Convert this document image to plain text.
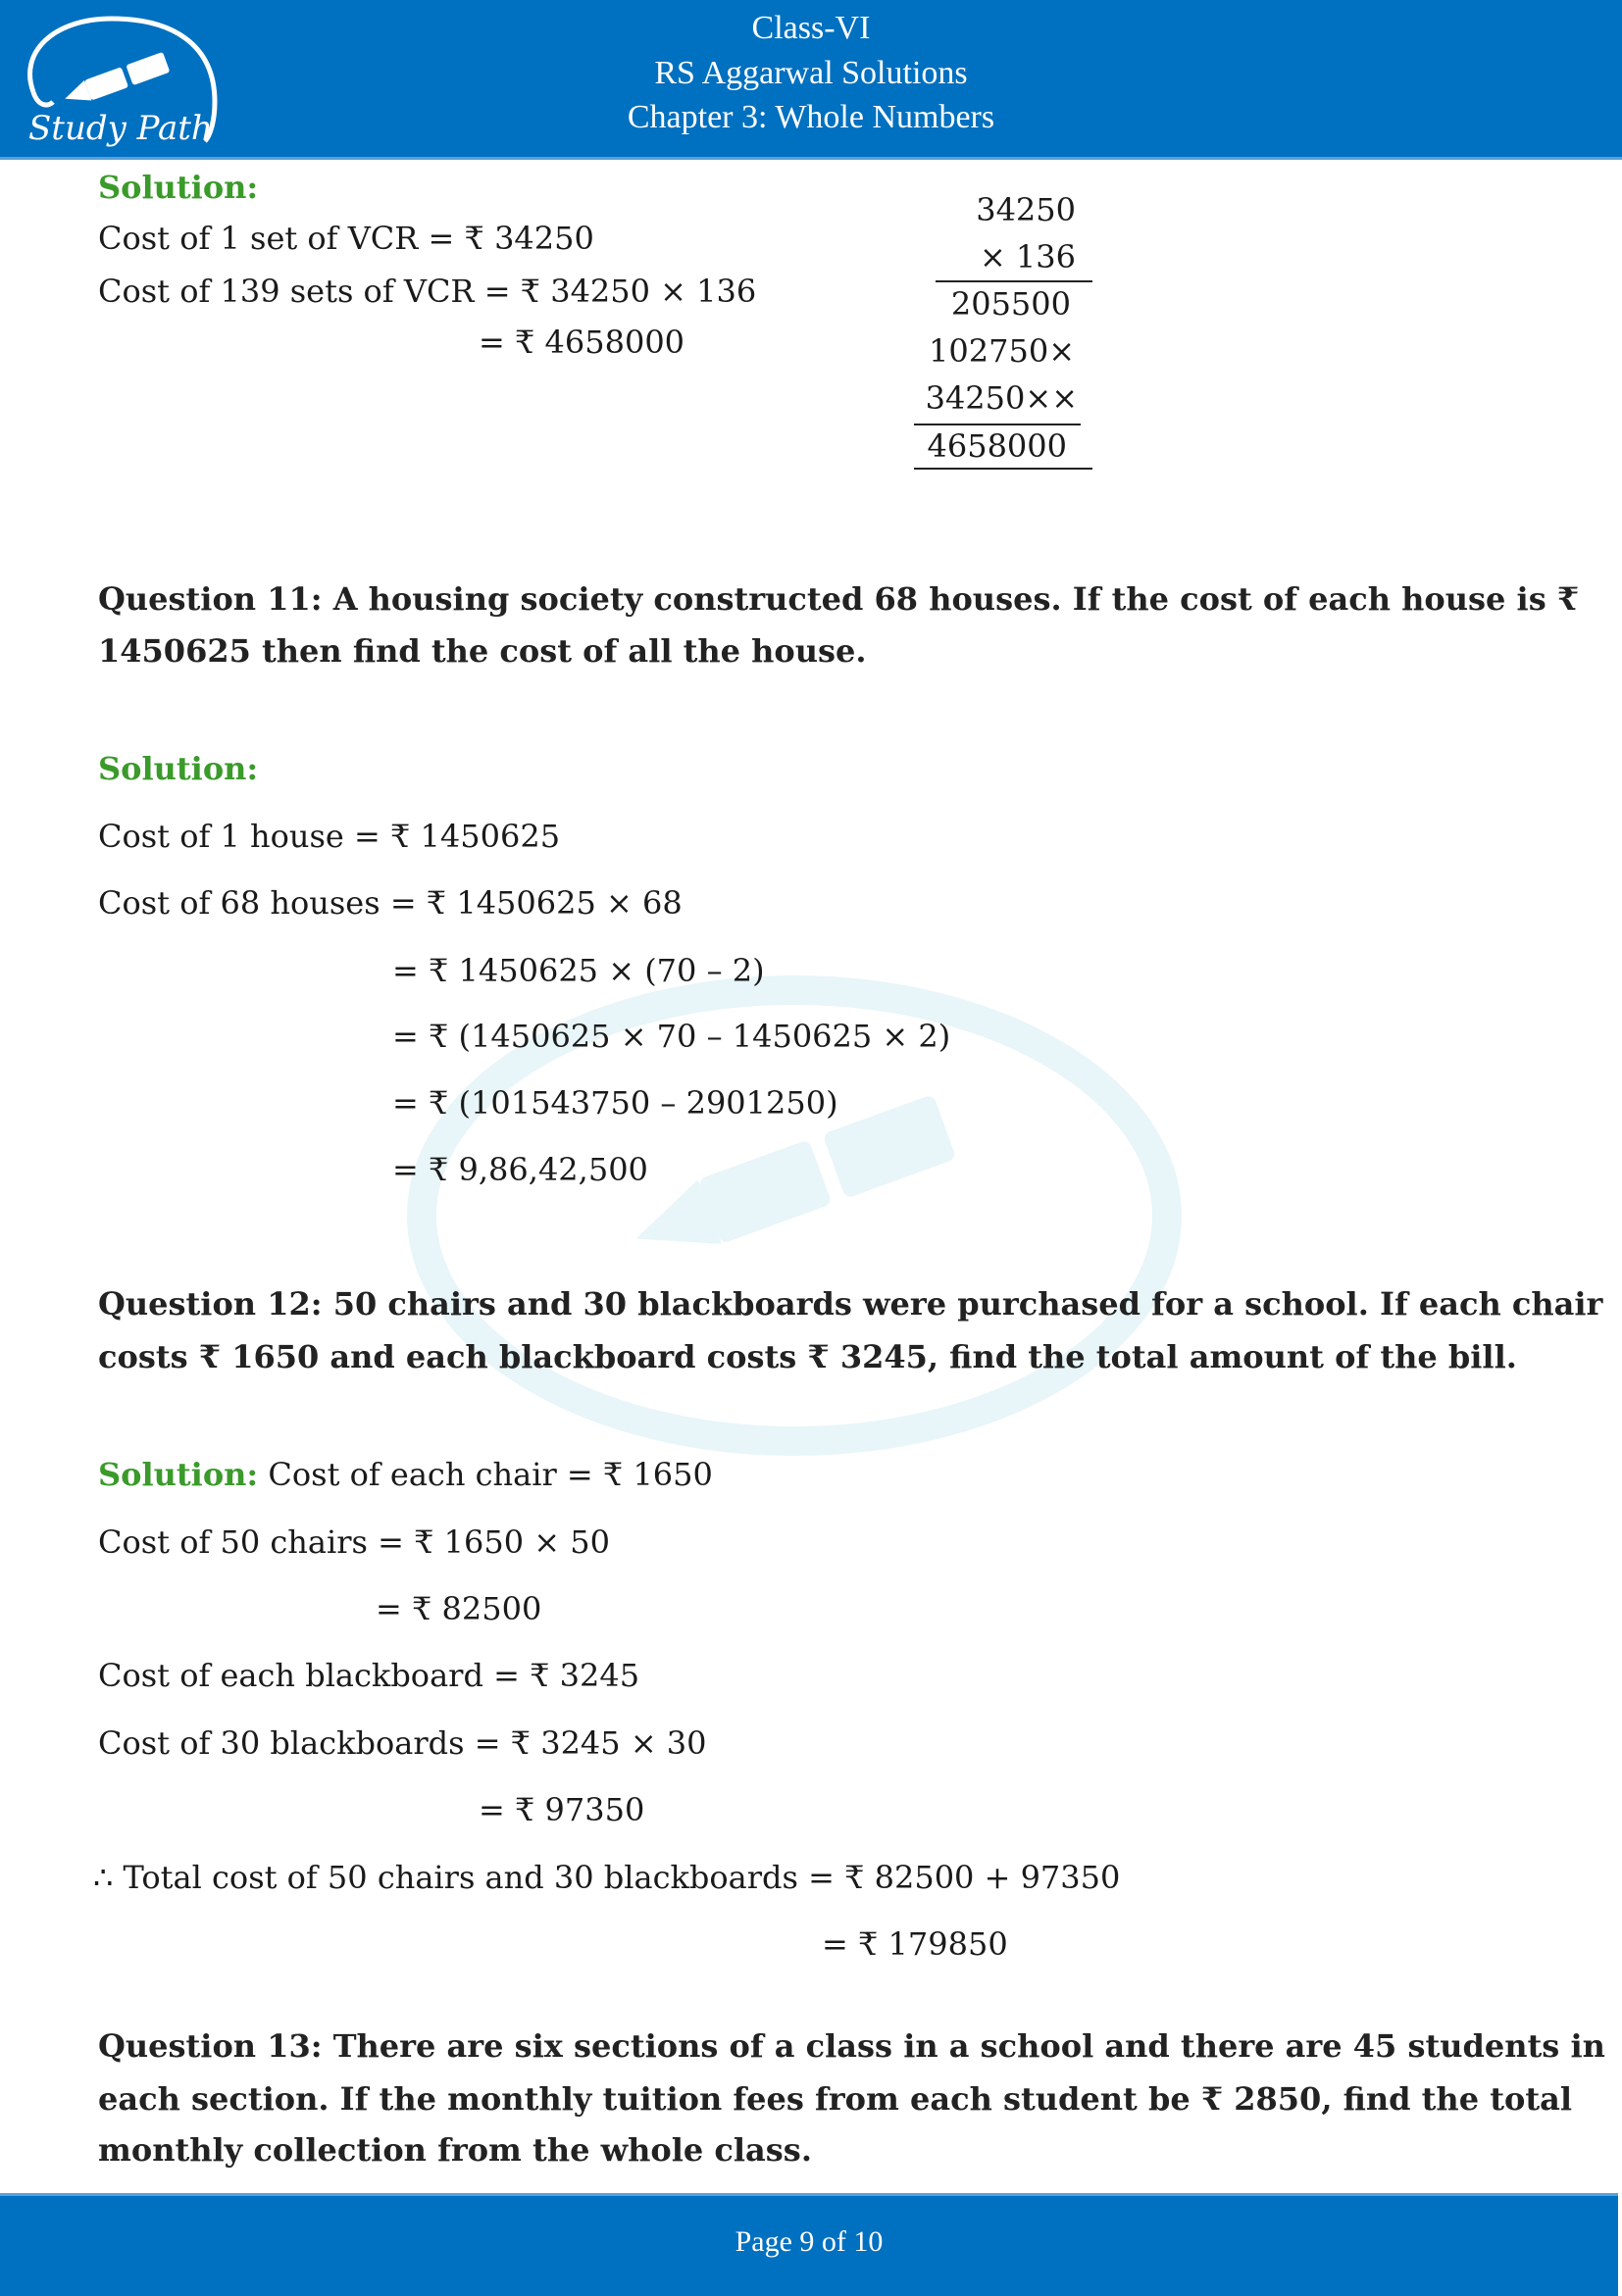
Study Path
Class-VI
RS Aggarwal Solutions
Chapter 3: Whole Numbers
Solution:
Cost of 1 set of VCR = ₹ 34250
Cost of 139 sets of VCR = ₹ 34250 × 136
= ₹ 4658000
34250
× 136
205500
102750×
34250××
4658000
Question 11: A housing society constructed 68 houses. If the cost of each house is ₹
1450625 then find the cost of all the house.
Solution:
Cost of 1 house = ₹ 1450625
Cost of 68 houses = ₹ 1450625 × 68
= ₹ 1450625 × (70 – 2)
= ₹ (1450625 × 70 – 1450625 × 2)
= ₹ (101543750 – 2901250)
= ₹ 9,86,42,500
Question 12: 50 chairs and 30 blackboards were purchased for a school. If each chair
costs ₹ 1650 and each blackboard costs ₹ 3245, find the total amount of the bill.
Solution: Cost of each chair = ₹ 1650
Cost of 50 chairs = ₹ 1650 × 50
= ₹ 82500
Cost of each blackboard = ₹ 3245
Cost of 30 blackboards = ₹ 3245 × 30
= ₹ 97350
∴ Total cost of 50 chairs and 30 blackboards = ₹ 82500 + 97350
= ₹ 179850
Question 13: There are six sections of a class in a school and there are 45 students in
each section. If the monthly tuition fees from each student be ₹ 2850, find the total
monthly collection from the whole class.
Page 9 of 10
